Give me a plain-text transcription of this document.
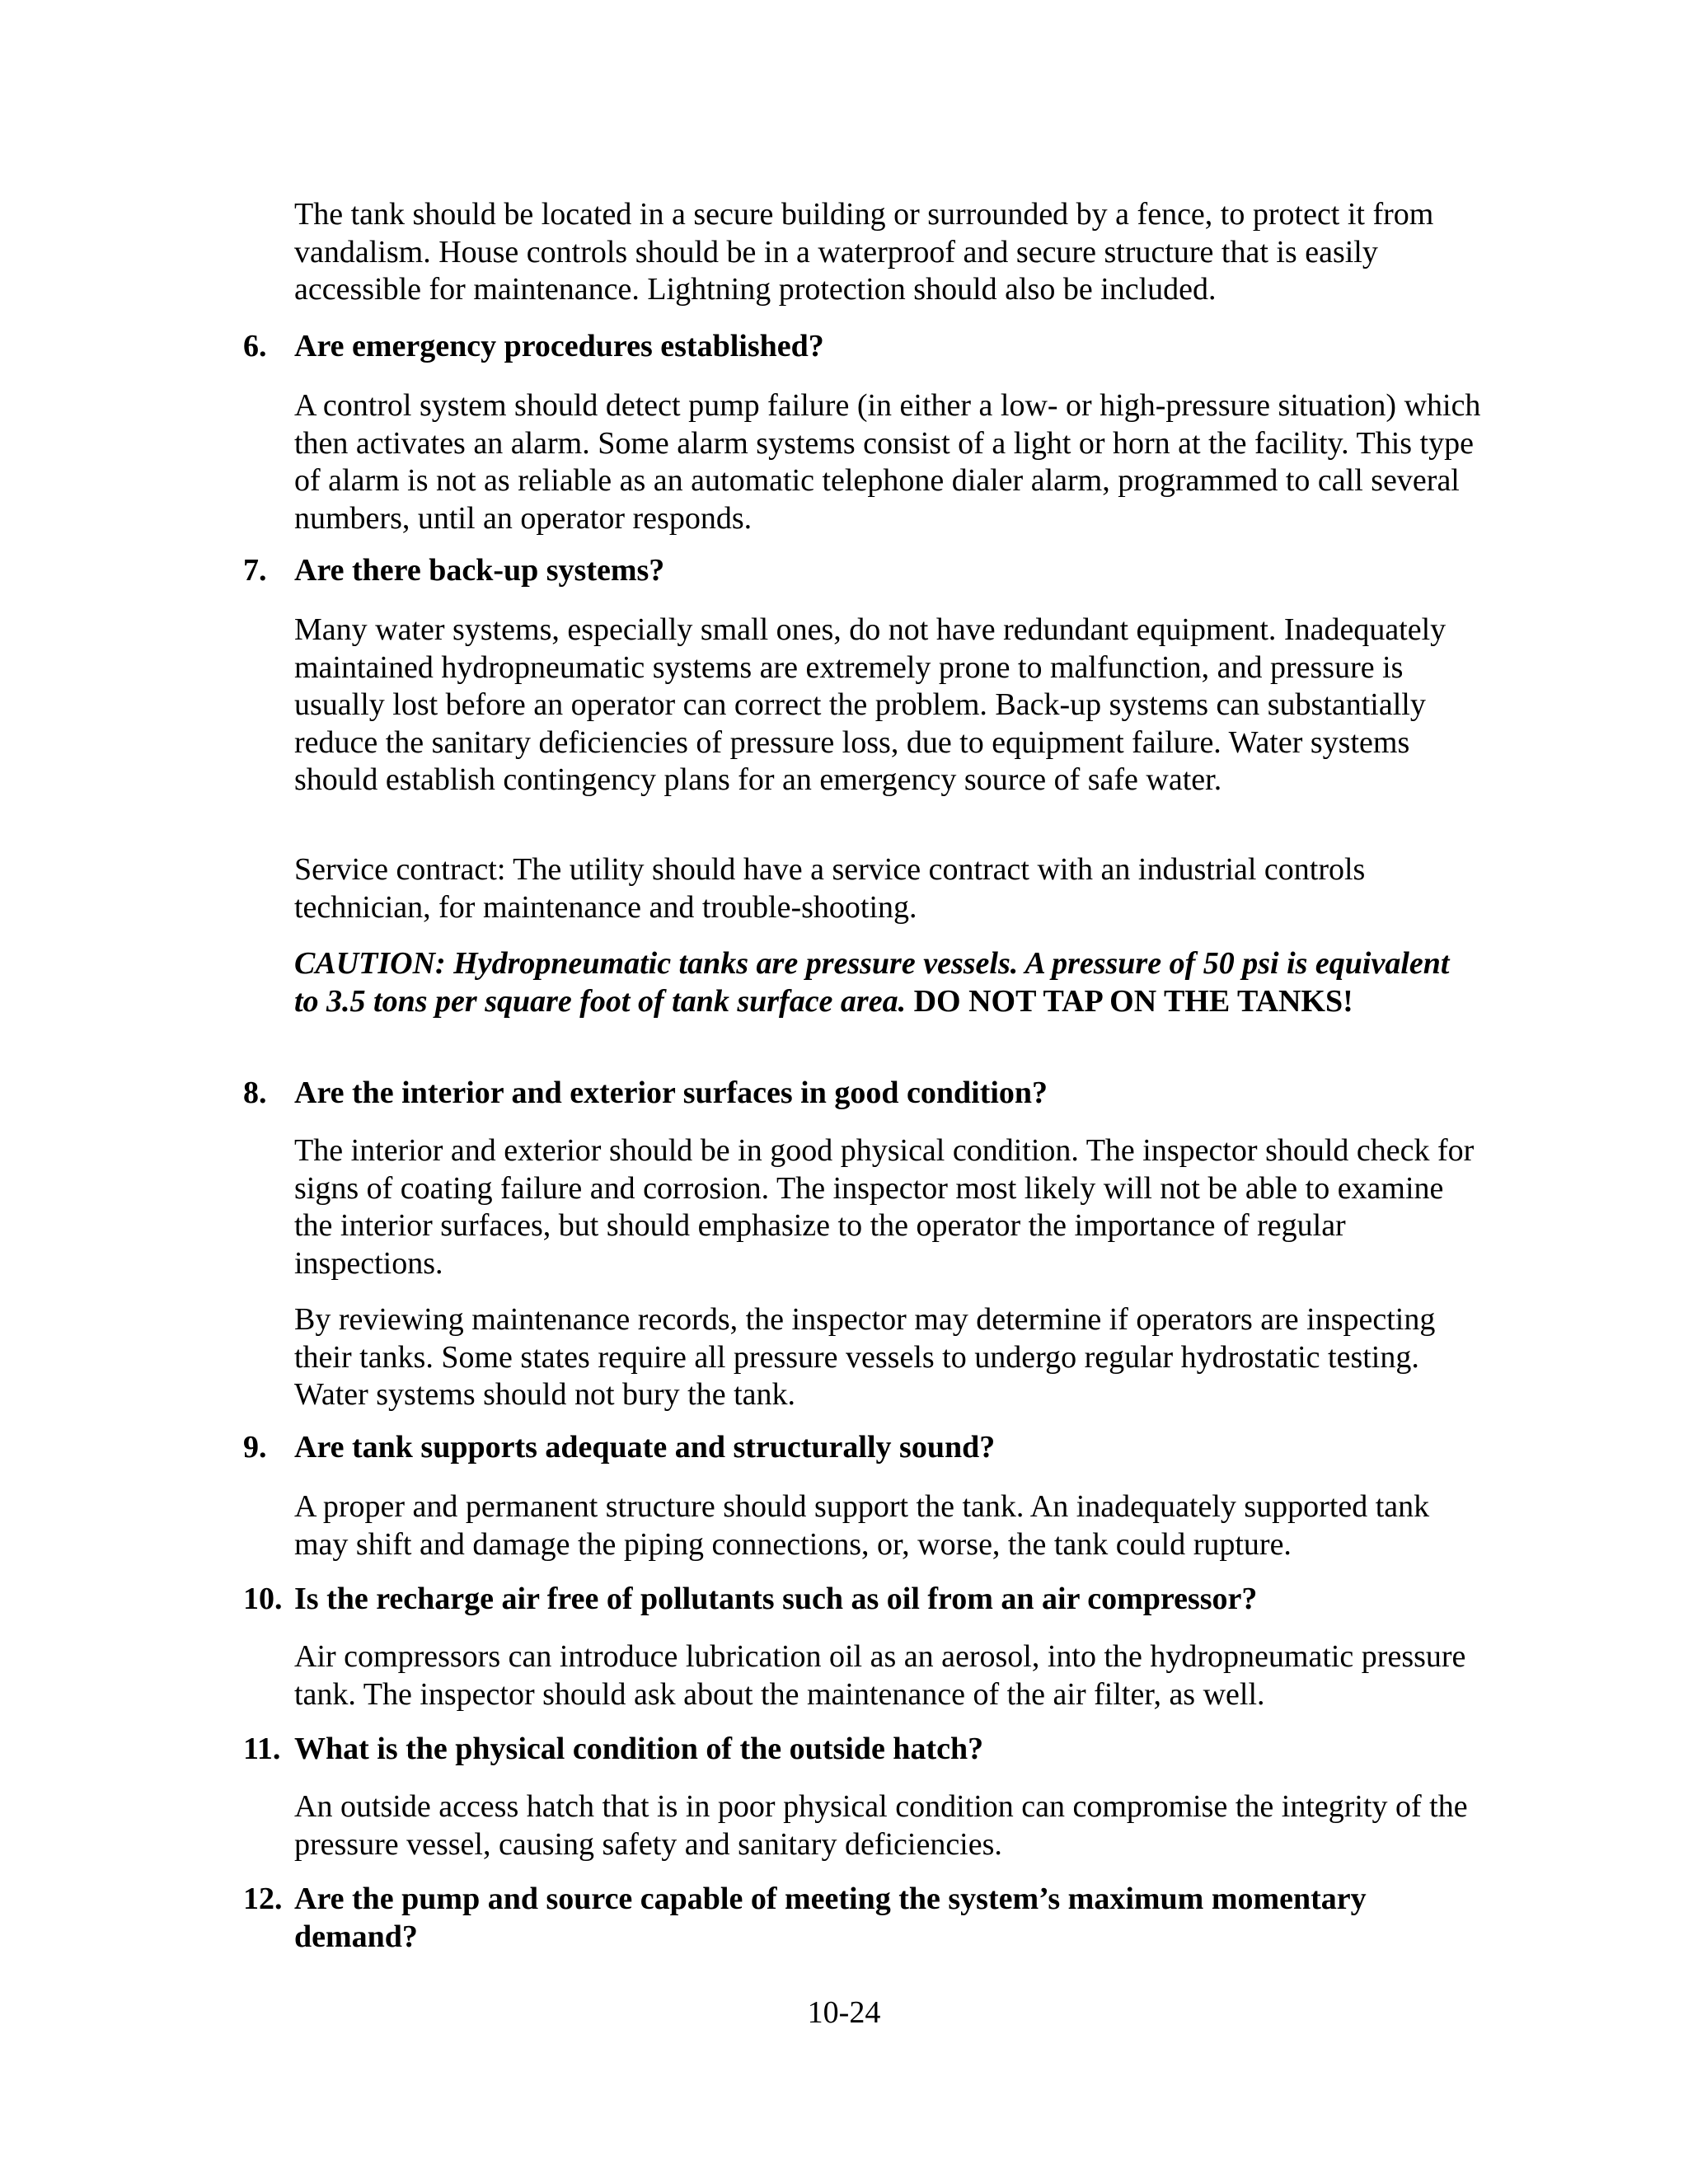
The tank should be located in a secure building or surrounded by a fence, to protect it from vandalism. House controls should be in a waterproof and secure structure that is easily accessible for maintenance. Lightning protection should also be included.

6. Are emergency procedures established?

A control system should detect pump failure (in either a low- or high-pressure situation) which then activates an alarm. Some alarm systems consist of a light or horn at the facility. This type of alarm is not as reliable as an automatic telephone dialer alarm, programmed to call several numbers, until an operator responds.

7. Are there back-up systems?

Many water systems, especially small ones, do not have redundant equipment. Inadequately maintained hydropneumatic systems are extremely prone to malfunction, and pressure is usually lost before an operator can correct the problem. Back-up systems can substantially reduce the sanitary deficiencies of pressure loss, due to equipment failure. Water systems should establish contingency plans for an emergency source of safe water.

Service contract: The utility should have a service contract with an industrial controls technician, for maintenance and trouble-shooting.

CAUTION: Hydropneumatic tanks are pressure vessels. A pressure of 50 psi is equivalent to 3.5 tons per square foot of tank surface area. DO NOT TAP ON THE TANKS!

8. Are the interior and exterior surfaces in good condition?

The interior and exterior should be in good physical condition. The inspector should check for signs of coating failure and corrosion. The inspector most likely will not be able to examine the interior surfaces, but should emphasize to the operator the importance of regular inspections.

By reviewing maintenance records, the inspector may determine if operators are inspecting their tanks. Some states require all pressure vessels to undergo regular hydrostatic testing. Water systems should not bury the tank.

9. Are tank supports adequate and structurally sound?

A proper and permanent structure should support the tank. An inadequately supported tank may shift and damage the piping connections, or, worse, the tank could rupture.

10. Is the recharge air free of pollutants such as oil from an air compressor?

Air compressors can introduce lubrication oil as an aerosol, into the hydropneumatic pressure tank. The inspector should ask about the maintenance of the air filter, as well.

11. What is the physical condition of the outside hatch?

An outside access hatch that is in poor physical condition can compromise the integrity of the pressure vessel, causing safety and sanitary deficiencies.

12. Are the pump and source capable of meeting the system’s maximum momentary demand?
10-24
